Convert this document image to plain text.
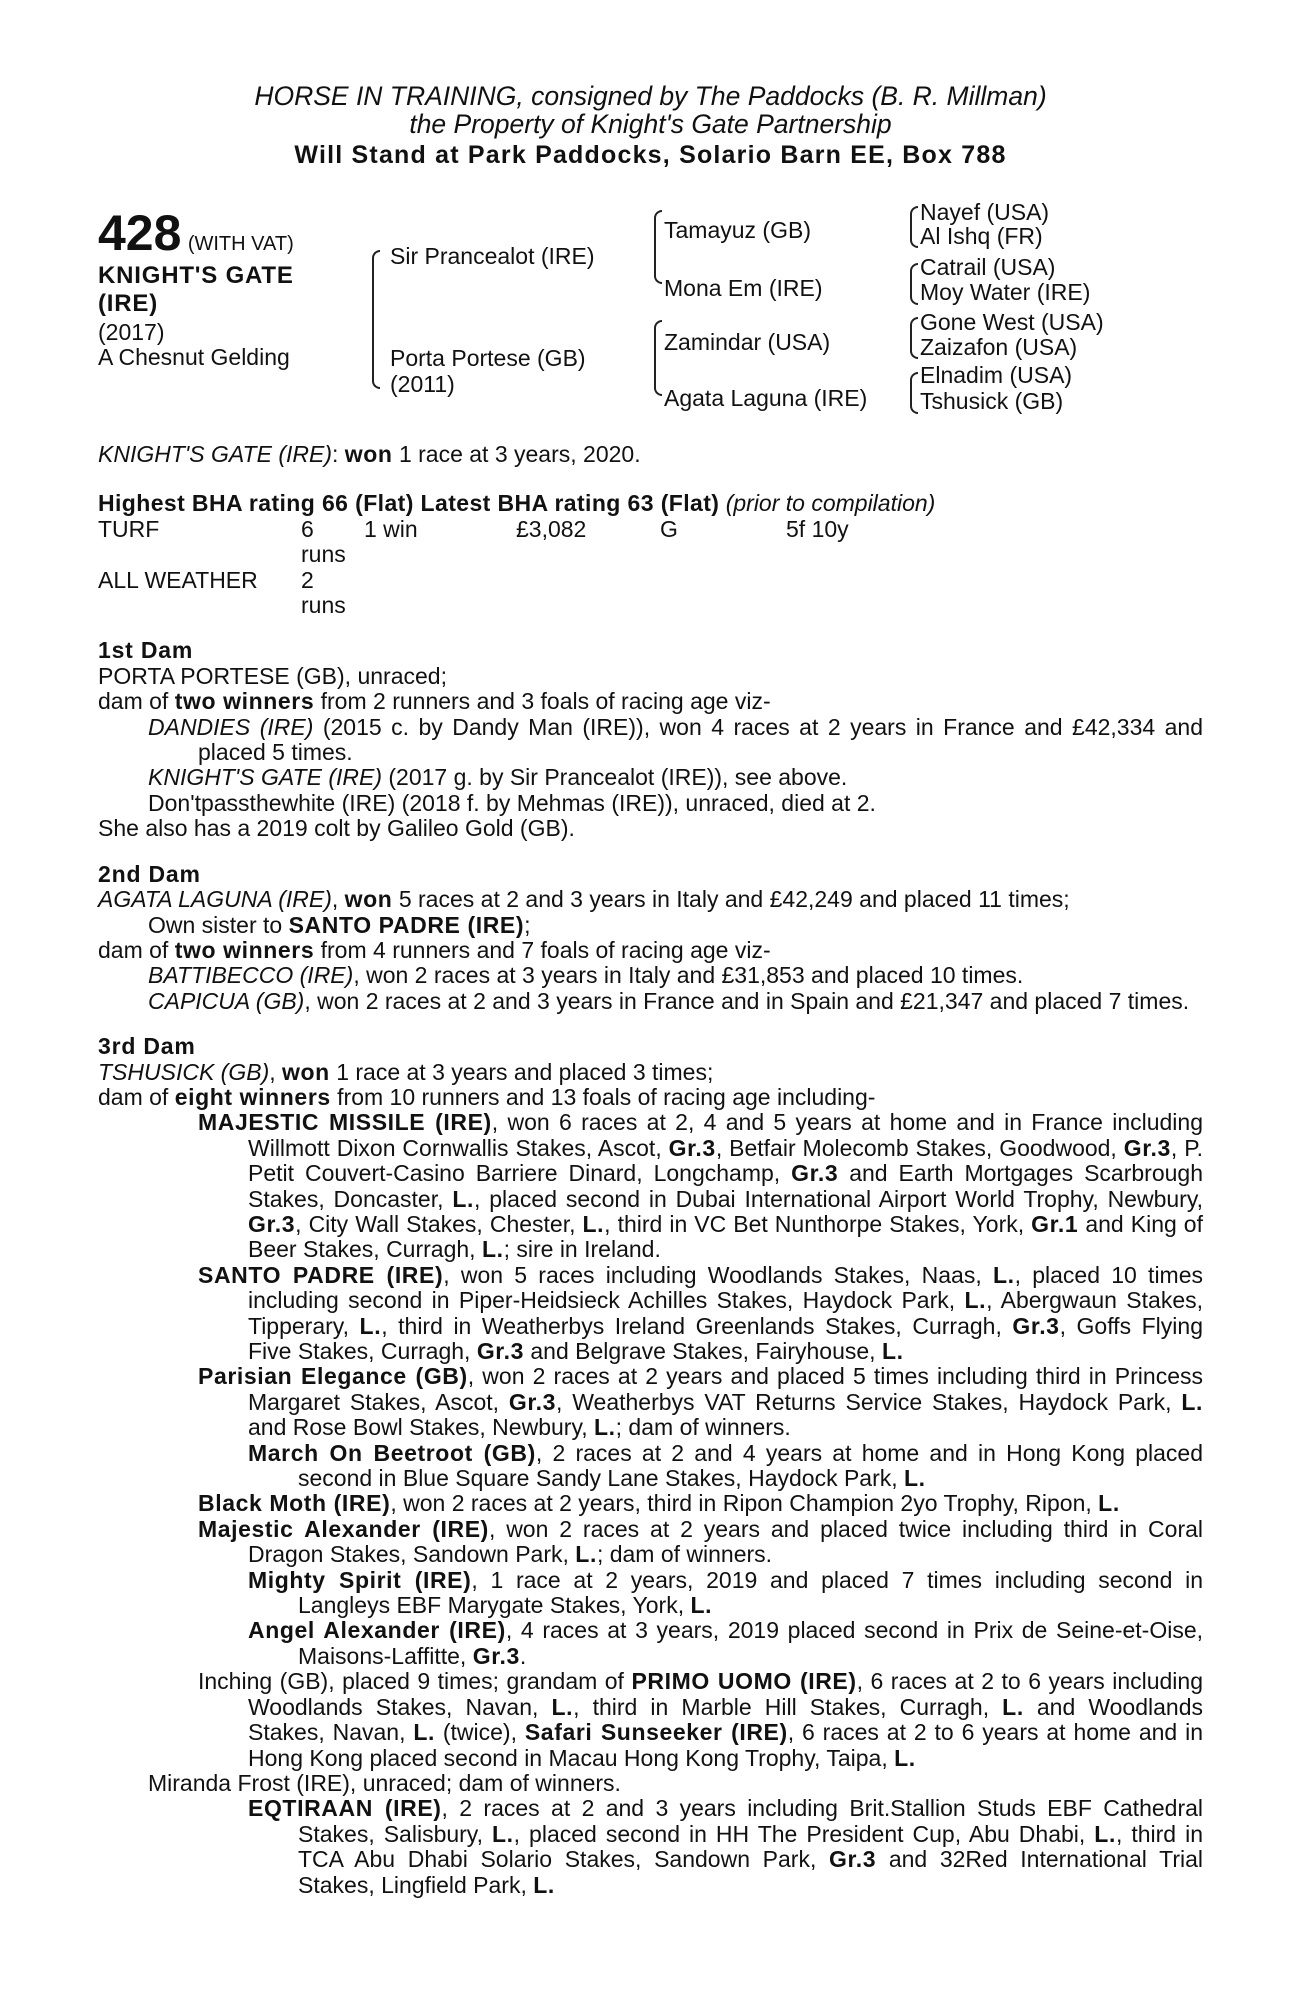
HORSE IN TRAINING, consigned by The Paddocks (B. R. Millman)
the Property of Knight's Gate Partnership
Will Stand at Park Paddocks, Solario Barn EE, Box 788
428 (WITH VAT)
KNIGHT'S GATE
(IRE)
(2017)
A Chesnut Gelding
Sir Prancealot (IRE)
Porta Portese (GB)
(2011)
Tamayuz (GB)
Mona Em (IRE)
Zamindar (USA)
Agata Laguna (IRE)
Nayef (USA)
Al Ishq (FR)
Catrail (USA)
Moy Water (IRE)
Gone West (USA)
Zaizafon (USA)
Elnadim (USA)
Tshusick (GB)

KNIGHT'S GATE (IRE): won 1 race at 3 years, 2020.

Highest BHA rating 66 (Flat) Latest BHA rating 63 (Flat) (prior to compilation)

TURF	6 runs	1 win	£3,082	G	5f 10y
ALL WEATHER	2 runs				

1st Dam

PORTA PORTESE (GB), unraced;

dam of two winners from 2 runners and 3 foals of racing age viz-

DANDIES (IRE) (2015 c. by Dandy Man (IRE)), won 4 races at 2 years in France and £42,334 and placed 5 times.

KNIGHT'S GATE (IRE) (2017 g. by Sir Prancealot (IRE)), see above.

Don'tpassthewhite (IRE) (2018 f. by Mehmas (IRE)), unraced, died at 2.

She also has a 2019 colt by Galileo Gold (GB).

2nd Dam

AGATA LAGUNA (IRE), won 5 races at 2 and 3 years in Italy and £42,249 and placed 11 times;

Own sister to SANTO PADRE (IRE);

dam of two winners from 4 runners and 7 foals of racing age viz-

BATTIBECCO (IRE), won 2 races at 3 years in Italy and £31,853 and placed 10 times.

CAPICUA (GB), won 2 races at 2 and 3 years in France and in Spain and £21,347 and placed 7 times.

3rd Dam

TSHUSICK (GB), won 1 race at 3 years and placed 3 times;

dam of eight winners from 10 runners and 13 foals of racing age including-

MAJESTIC MISSILE (IRE), won 6 races at 2, 4 and 5 years at home and in France including Willmott Dixon Cornwallis Stakes, Ascot, Gr.3, Betfair Molecomb Stakes, Goodwood, Gr.3, P. Petit Couvert-Casino Barriere Dinard, Longchamp, Gr.3 and Earth Mortgages Scarbrough Stakes, Doncaster, L., placed second in Dubai International Airport World Trophy, Newbury, Gr.3, City Wall Stakes, Chester, L., third in VC Bet Nunthorpe Stakes, York, Gr.1 and King of Beer Stakes, Curragh, L.; sire in Ireland.

SANTO PADRE (IRE), won 5 races including Woodlands Stakes, Naas, L., placed 10 times including second in Piper-Heidsieck Achilles Stakes, Haydock Park, L., Abergwaun Stakes, Tipperary, L., third in Weatherbys Ireland Greenlands Stakes, Curragh, Gr.3, Goffs Flying Five Stakes, Curragh, Gr.3 and Belgrave Stakes, Fairyhouse, L.

Parisian Elegance (GB), won 2 races at 2 years and placed 5 times including third in Princess Margaret Stakes, Ascot, Gr.3, Weatherbys VAT Returns Service Stakes, Haydock Park, L. and Rose Bowl Stakes, Newbury, L.; dam of winners.

March On Beetroot (GB), 2 races at 2 and 4 years at home and in Hong Kong placed second in Blue Square Sandy Lane Stakes, Haydock Park, L.

Black Moth (IRE), won 2 races at 2 years, third in Ripon Champion 2yo Trophy, Ripon, L.

Majestic Alexander (IRE), won 2 races at 2 years and placed twice including third in Coral Dragon Stakes, Sandown Park, L.; dam of winners.

Mighty Spirit (IRE), 1 race at 2 years, 2019 and placed 7 times including second in Langleys EBF Marygate Stakes, York, L.

Angel Alexander (IRE), 4 races at 3 years, 2019 placed second in Prix de Seine-et-Oise, Maisons-Laffitte, Gr.3.

Inching (GB), placed 9 times; grandam of PRIMO UOMO (IRE), 6 races at 2 to 6 years including Woodlands Stakes, Navan, L., third in Marble Hill Stakes, Curragh, L. and Woodlands Stakes, Navan, L. (twice), Safari Sunseeker (IRE), 6 races at 2 to 6 years at home and in Hong Kong placed second in Macau Hong Kong Trophy, Taipa, L.

Miranda Frost (IRE), unraced; dam of winners.

EQTIRAAN (IRE), 2 races at 2 and 3 years including Brit.Stallion Studs EBF Cathedral Stakes, Salisbury, L., placed second in HH The President Cup, Abu Dhabi, L., third in TCA Abu Dhabi Solario Stakes, Sandown Park, Gr.3 and 32Red International Trial Stakes, Lingfield Park, L.
